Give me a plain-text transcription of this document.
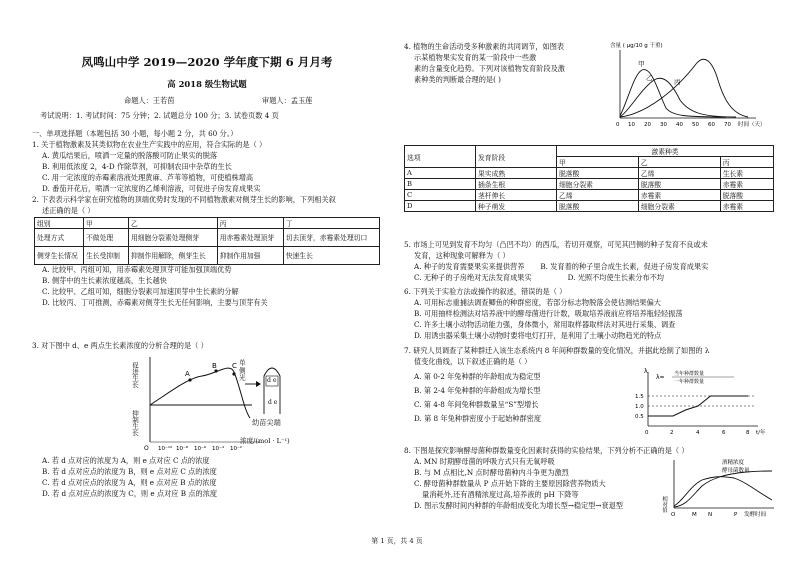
凤鸣山中学 2019—2020 学年度下期 6 月月考
高 2018 级生物试题
命题人：王若茵	审题人：孟玉莲
考试说明：1. 考试时间：75 分钟；2. 试题总分 100 分；3. 试卷页数 4 页
一、单项选择题（本题包括 30 小题，每小题 2 分，共 60 分。）
1. 关于植物激素及其类似物在农业生产实践中的应用，符合实际的是（ ）
A. 黄瓜结果后，喷洒一定量的脱落酸可防止果实的脱落
B. 利用低浓度 2，4-D 作除草剂，可抑制农田中杂草的生长
C. 用一定浓度的赤霉素溶液处理黄麻、芦苇等植物，可使植株增高
D. 番茄开花后，喷洒一定浓度的乙烯利溶液，可促进子房发育成果实
2. 下表表示科学家在研究植物的顶端优势时发现的不同植物激素对侧芽生长的影响，下列相关叙
述正确的是（ ）
组别	甲	乙	丙	丁
处理方式	不做处理	用细胞分裂素处理侧芽	用赤霉素处理顶芽	切去顶芽，赤霉素处理切口
侧芽生长情况	生长受抑制	抑制作用解除，侧芽生长	抑制作用加强	快速生长
A. 比较甲、丙组可知，用赤霉素处理顶芽可能加强顶端优势
B. 侧芽中的生长素浓度越高，生长越快
C. 比较甲、乙组可知，细胞分裂素可加速顶芽中生长素的分解
D. 比较丙、丁可推测，赤霉素对侧芽生长无任何影响，主要与顶芽有关
3. 对下图中 d、e 两点生长素浓度的分析合理的是（ ）
A
B C
促进生长
抑制生长
O 10⁻¹⁰ 10⁻⁸ 10⁻⁶ 10⁻⁴ 10⁻²
浓度/(mol · L⁻¹)
单侧光	d e
d e
幼苗尖端
A. 若 d 点对应的浓度为 A，则 e 点对应 C 点的浓度
B. 若 d 点对应点的浓度为 B，则 e 点对应 C 点的浓度
C. 若 d 点对应点的浓度为 A，则 e 点对应 B 点的浓度
D. 若 d 点对应点的浓度为 C，则 e 点对应 B 点的浓度
4. 植物的生命活动受多种激素的共同调节，如图表
示某植物果实发育的某一阶段中一些激
素的含量变化趋势。下列对该植物发育阶段及激
素种类的判断最合理的是( )
甲
乙	丙
0 10 20 30 40 50 60 70 时间（天）
含量 ( μg/10 g 干重)
选项	发育阶段	激素种类		
		甲	乙	丙
A	果实成熟	脱落酸	乙烯	生长素
B	插条生根	细胞分裂素	脱落酸	赤霉素
C	茎杆伸长	乙烯	赤霉素	脱落酸
D	种子萌发	脱落酸	细胞分裂素	赤霉素
5. 市场上可见到发育不均匀（凸凹不均）的西瓜，若切开观察，可见其凹侧的种子发育不良或未
发育，这种现象可解释为（ ）
A. 种子的发育需要果实来提供营养 B. 发育着的种子里合成生长素，促进子房发育成果实
C. 无种子的子房绝对无法发育成果实	D. 光照不均使生长素分布不均
6. 下列关于实验方法或操作的叙述，错误的是（ ）
A. 可用标志重捕法调查鲫鱼的种群密度，若部分标志物脱落会使估测结果偏大
B. 可用抽样检测法对培养液中的酵母菌进行计数，吸取培养液前应将培养瓶轻轻振荡
C. 许多土壤小动物活动能力强，身体微小，常用取样器取样法对其进行采集、调查
D. 用诱虫器采集土壤小动物时要将电灯打开，是利用了土壤小动物趋光的特点
7. 研究人员调查了某种群迁入该生态系统内 8 年间种群数量的变化情况，并据此绘制了如图的 λ
值变化曲线，以下叙述正确的是（ ）
A. 第 0-2 年兔种群的年龄组成为稳定型
B. 第 2-4 年兔种群的年龄组成为增长型
C. 第 4-8 年间兔种群数量呈“S”型增长
D. 第 8 年兔种群密度小于起始种群密度
1.5
1.0
0.5
0	2	4	6	8 t/年
λ
λ= 当年种群数量
一年种群数量
8. 下图是探究影响酵母菌种群数量变化因素时获得的实验结果，下列分析不正确的是（ ）
A. MN 时期酵母菌的呼吸方式只有无氧呼吸
B. 与 M 点相比,N 点时酵母菌种内斗争更为激烈
C. 酵母菌种群数量从 P 点开始下降的主要原因除营养物质大
量消耗外,还有酒精浓度过高,培养液的 pH 下降等
D. 图示发酵时间内种群的年龄组成变化为增长型→稳定型→衰退型
酒精浓度
酵母菌数量
相对值
O	M N	P 发酵时间
第 1 页，共 4 页
